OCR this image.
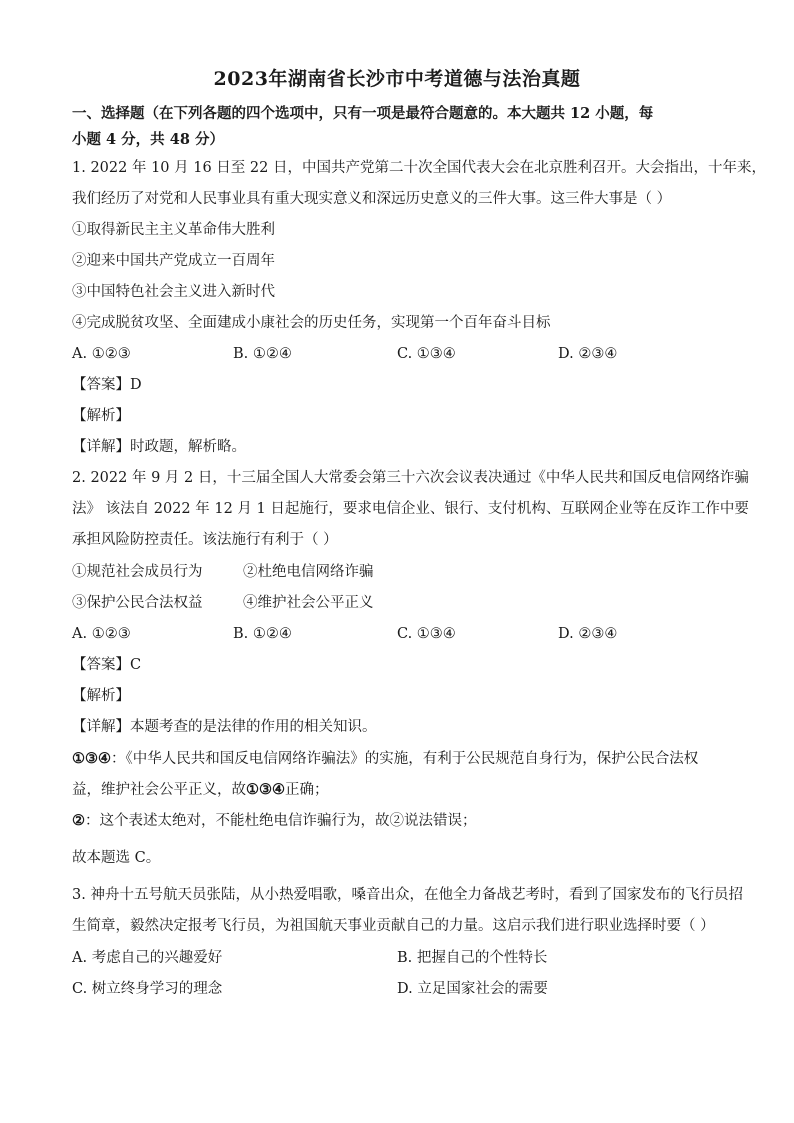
2023年湖南省长沙市中考道德与法治真题
一、选择题（在下列各题的四个选项中，只有一项是最符合题意的。本大题共 12 小题，每
小题 4 分，共 48 分）
1. 2022 年 10 月 16 日至 22 日，中国共产党第二十次全国代表大会在北京胜利召开。大会指出，十年来，
我们经历了对党和人民事业具有重大现实意义和深远历史意义的三件大事。这三件大事是（ ）
①取得新民主主义革命伟大胜利
②迎来中国共产党成立一百周年
③中国特色社会主义进入新时代
④完成脱贫攻坚、全面建成小康社会的历史任务，实现第一个百年奋斗目标
A. ①②③	B. ①②④	C. ①③④	D. ②③④
【答案】D
【解析】
【详解】时政题，解析略。
2. 2022 年 9 月 2 日，十三届全国人大常委会第三十六次会议表决通过《中华人民共和国反电信网络诈骗
法》 该法自 2022 年 12 月 1 日起施行，要求电信企业、银行、支付机构、互联网企业等在反诈工作中要
承担风险防控责任。该法施行有利于（ ）
①规范社会成员行为	②杜绝电信网络诈骗
③保护公民合法权益	④维护社会公平正义
A. ①②③	B. ①②④	C. ①③④	D. ②③④
【答案】C
【解析】
【详解】本题考查的是法律的作用的相关知识。
①③④：《中华人民共和国反电信网络诈骗法》的实施，有利于公民规范自身行为，保护公民合法权
益，维护社会公平正义，故①③④正确；
②：这个表述太绝对，不能杜绝电信诈骗行为，故②说法错误；
故本题选 C。
3. 神舟十五号航天员张陆，从小热爱唱歌，嗓音出众，在他全力备战艺考时，看到了国家发布的飞行员招
生简章，毅然决定报考飞行员，为祖国航天事业贡献自己的力量。这启示我们进行职业选择时要（ ）
A. 考虑自己的兴趣爱好	B. 把握自己的个性特长
C. 树立终身学习的理念	D. 立足国家社会的需要
